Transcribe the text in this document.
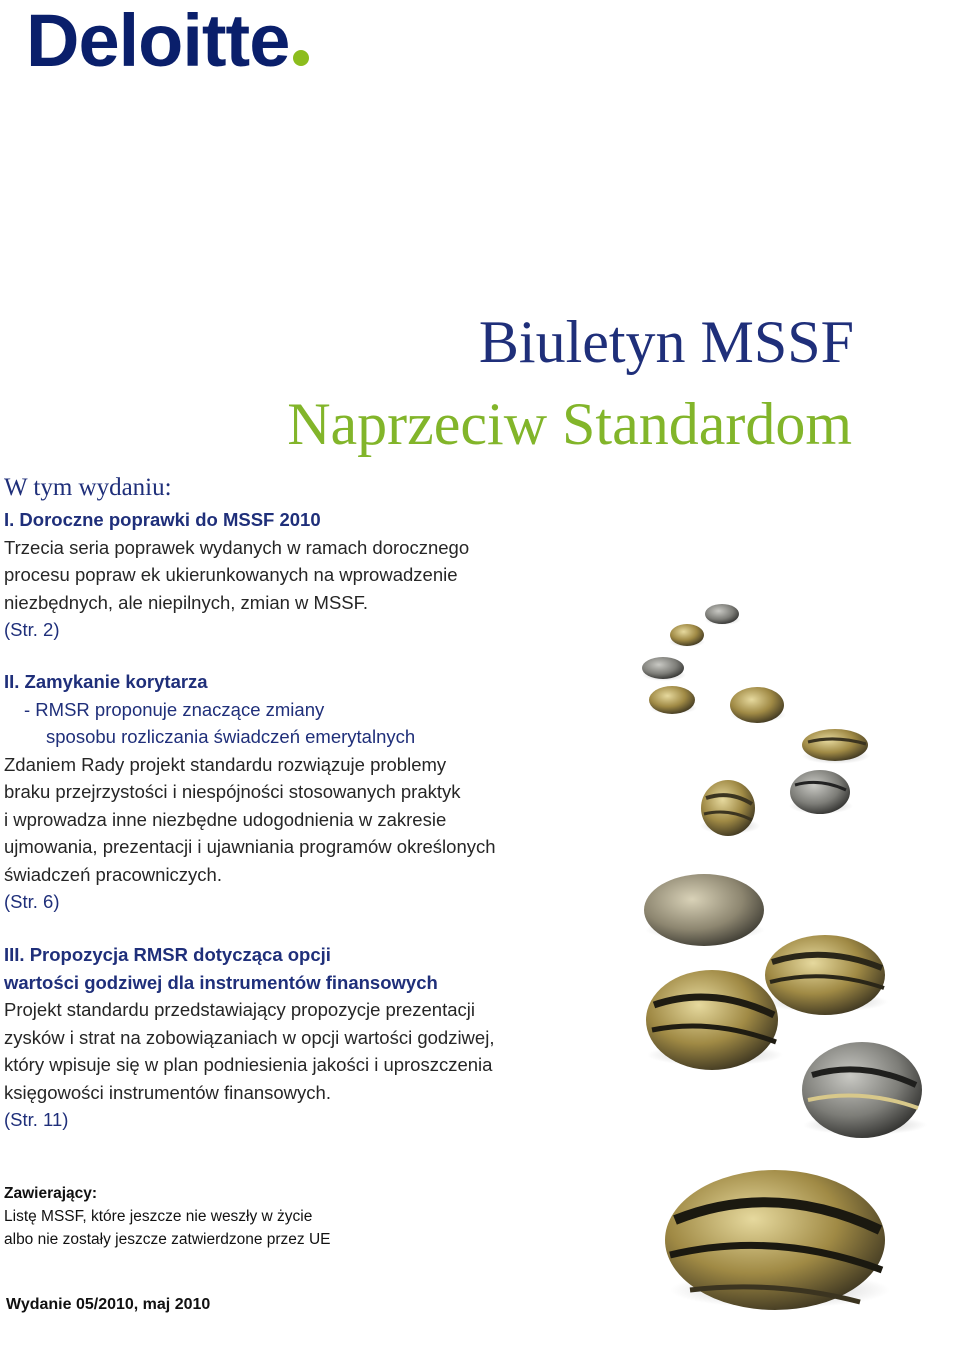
Deloitte
Biuletyn MSSF
Naprzeciw Standardom
W tym wydaniu:
I. Doroczne poprawki do MSSF 2010
Trzecia seria poprawek wydanych w ramach dorocznego
procesu popraw ek ukierunkowanych na wprowadzenie
niezbędnych, ale niepilnych, zmian w MSSF.
(Str. 2)
II. Zamykanie korytarza
- RMSR proponuje znaczące zmiany
sposobu rozliczania świadczeń emerytalnych
Zdaniem Rady projekt standardu rozwiązuje problemy
braku przejrzystości i niespójności stosowanych praktyk
i wprowadza inne niezbędne udogodnienia w zakresie
ujmowania, prezentacji i ujawniania programów określonych
świadczeń pracowniczych.
(Str. 6)
III. Propozycja RMSR dotycząca opcji
wartości godziwej dla instrumentów finansowych
Projekt standardu przedstawiający propozycje prezentacji
zysków i strat na zobowiązaniach w opcji wartości godziwej,
który wpisuje się w plan podniesienia jakości i uproszczenia
księgowości instrumentów finansowych.
(Str. 11)
Zawierający:
Listę MSSF, które jeszcze nie weszły w życie
albo nie zostały jeszcze zatwierdzone przez UE
Wydanie 05/2010, maj 2010
